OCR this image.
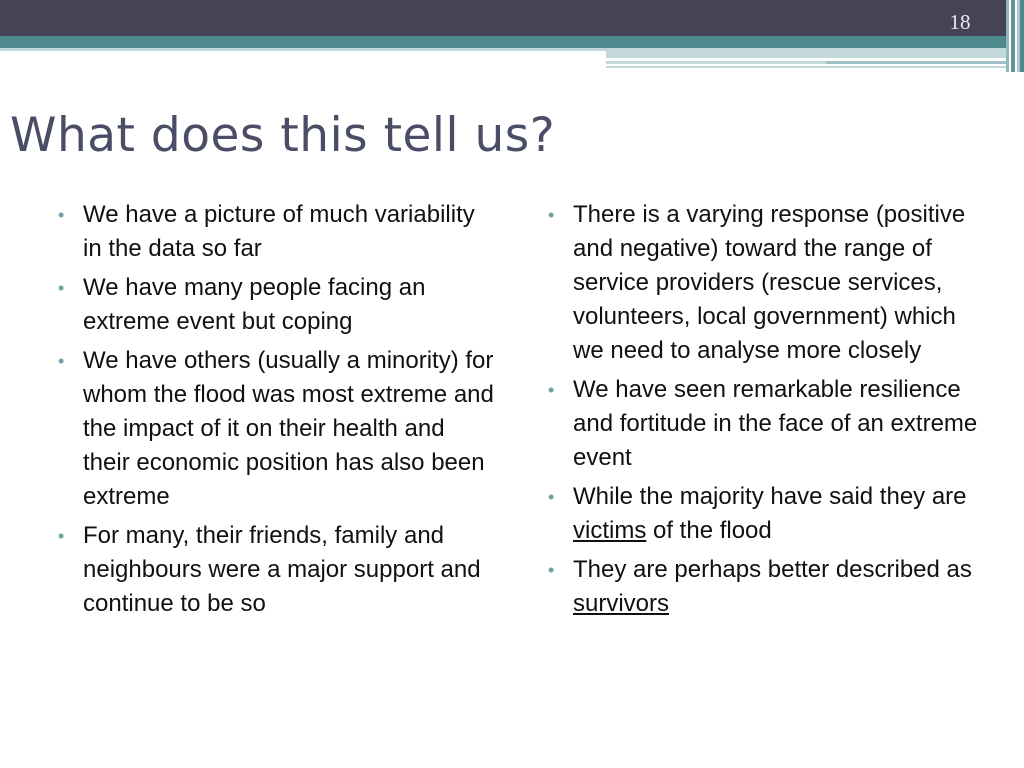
18
What does this tell us?
• We have a picture of much variability in the data so far
• We have many people facing an extreme event but coping
• We have others (usually a minority) for whom the flood was most extreme and the impact of it on their health and their economic position has also been extreme
• For many, their friends, family and neighbours were a major support and continue to be so
• There is a varying response (positive and negative) toward the range of service providers (rescue services, volunteers, local government) which we need to analyse more closely
• We have seen remarkable resilience and fortitude in the face of an extreme event
• While the majority have said they are victims of the flood
• They are perhaps better described as survivors
